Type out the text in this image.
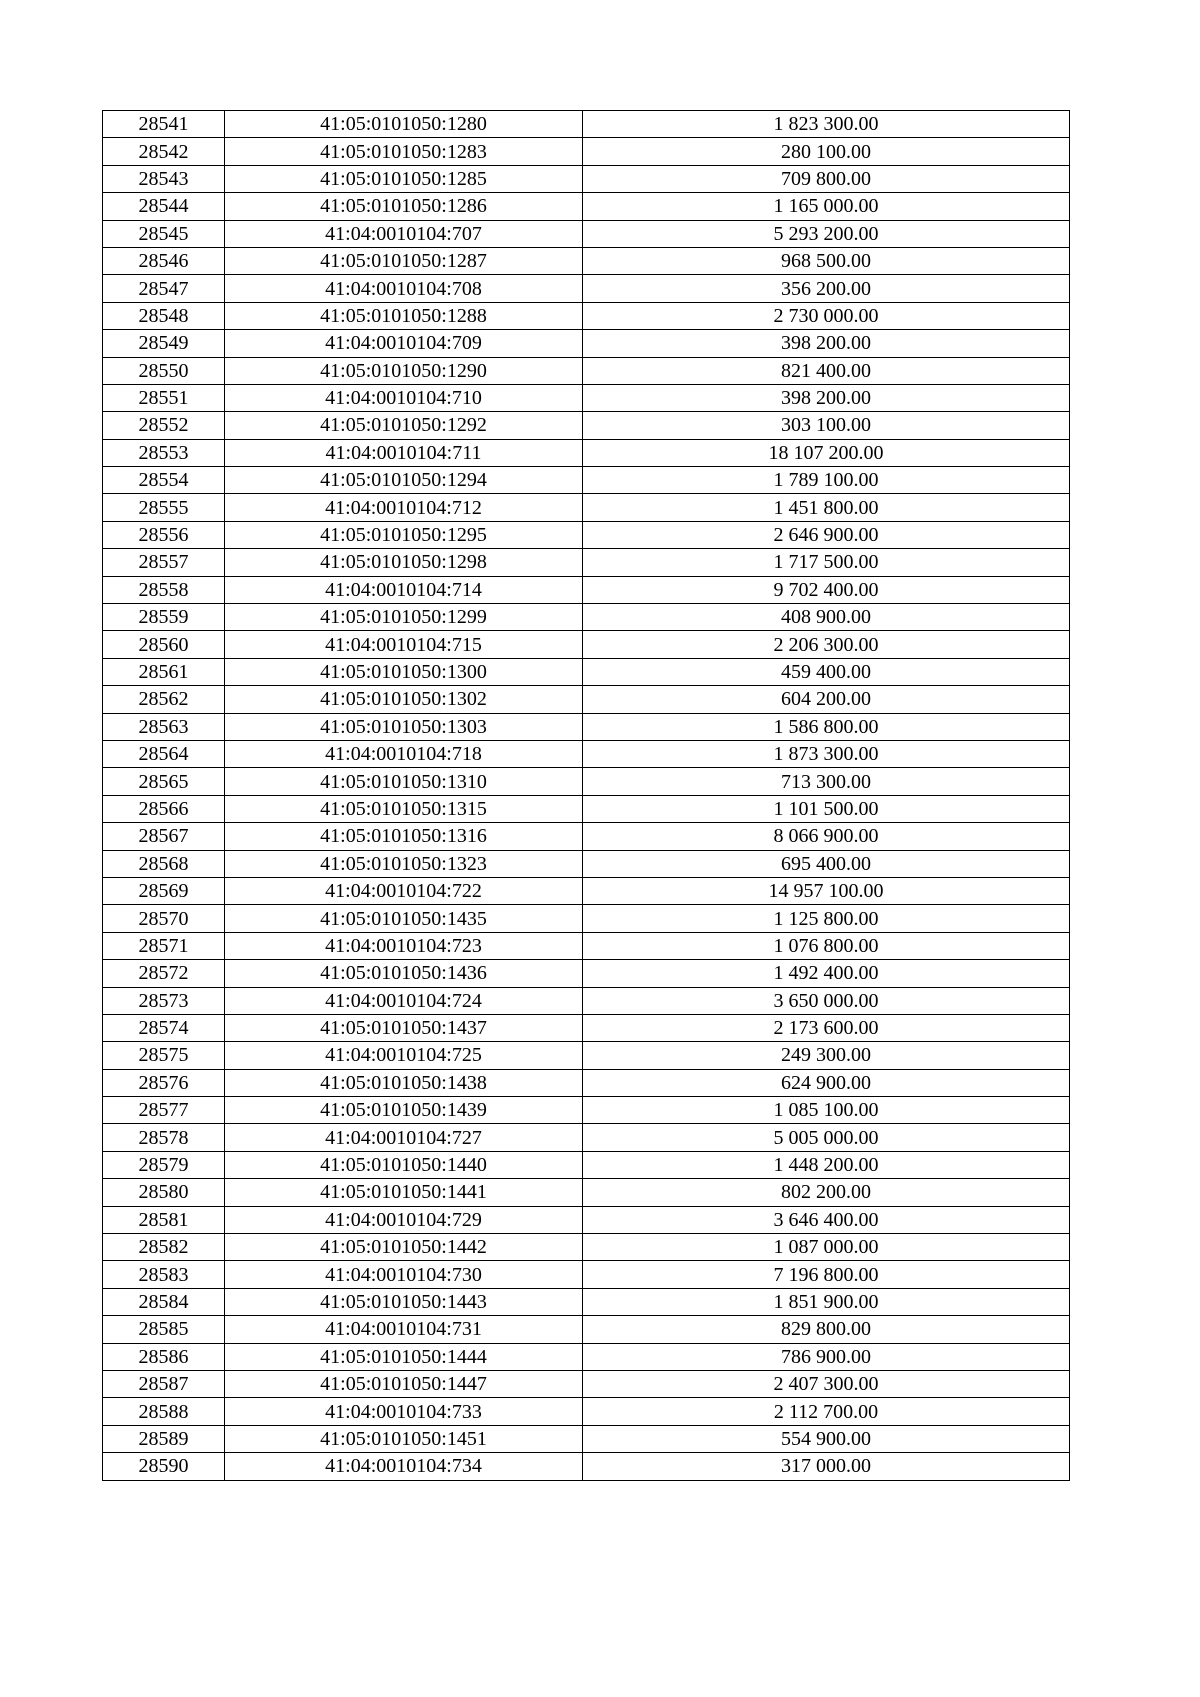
28541	41:05:0101050:1280	1 823 300.00
28542	41:05:0101050:1283	280 100.00
28543	41:05:0101050:1285	709 800.00
28544	41:05:0101050:1286	1 165 000.00
28545	41:04:0010104:707	5 293 200.00
28546	41:05:0101050:1287	968 500.00
28547	41:04:0010104:708	356 200.00
28548	41:05:0101050:1288	2 730 000.00
28549	41:04:0010104:709	398 200.00
28550	41:05:0101050:1290	821 400.00
28551	41:04:0010104:710	398 200.00
28552	41:05:0101050:1292	303 100.00
28553	41:04:0010104:711	18 107 200.00
28554	41:05:0101050:1294	1 789 100.00
28555	41:04:0010104:712	1 451 800.00
28556	41:05:0101050:1295	2 646 900.00
28557	41:05:0101050:1298	1 717 500.00
28558	41:04:0010104:714	9 702 400.00
28559	41:05:0101050:1299	408 900.00
28560	41:04:0010104:715	2 206 300.00
28561	41:05:0101050:1300	459 400.00
28562	41:05:0101050:1302	604 200.00
28563	41:05:0101050:1303	1 586 800.00
28564	41:04:0010104:718	1 873 300.00
28565	41:05:0101050:1310	713 300.00
28566	41:05:0101050:1315	1 101 500.00
28567	41:05:0101050:1316	8 066 900.00
28568	41:05:0101050:1323	695 400.00
28569	41:04:0010104:722	14 957 100.00
28570	41:05:0101050:1435	1 125 800.00
28571	41:04:0010104:723	1 076 800.00
28572	41:05:0101050:1436	1 492 400.00
28573	41:04:0010104:724	3 650 000.00
28574	41:05:0101050:1437	2 173 600.00
28575	41:04:0010104:725	249 300.00
28576	41:05:0101050:1438	624 900.00
28577	41:05:0101050:1439	1 085 100.00
28578	41:04:0010104:727	5 005 000.00
28579	41:05:0101050:1440	1 448 200.00
28580	41:05:0101050:1441	802 200.00
28581	41:04:0010104:729	3 646 400.00
28582	41:05:0101050:1442	1 087 000.00
28583	41:04:0010104:730	7 196 800.00
28584	41:05:0101050:1443	1 851 900.00
28585	41:04:0010104:731	829 800.00
28586	41:05:0101050:1444	786 900.00
28587	41:05:0101050:1447	2 407 300.00
28588	41:04:0010104:733	2 112 700.00
28589	41:05:0101050:1451	554 900.00
28590	41:04:0010104:734	317 000.00
